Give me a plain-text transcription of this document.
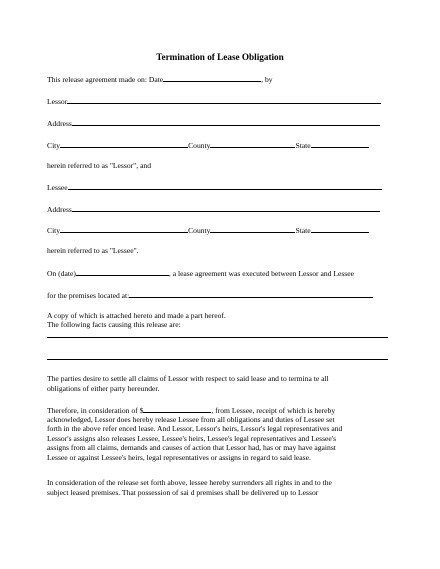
Termination of Lease Obligation
This release agreement made on: Date	, by
Lessor
Address
City	County	State
herein referred to as "Lessor", and
Lessee
Address
City	County	State
herein referred to as "Lessee".
On (date)	, a lease agreement was executed between Lessor and Lessee
for the premises located at:
A copy of which is attached hereto and made a part hereof.
The following facts causing this release are:
The parties desire to settle all claims of Lessor with respect to said lease and to termina te all
obligations of either party hereunder.
Therefore, in consideration of $	, from Lessee, receipt of which is hereby
acknowledged, Lessor does hereby release Lessee from all obligations and duties of Lessee set
forth in the above refer enced lease. And Lessor, Lessor's heirs, Lessor's legal representatives and
Lessor's assigns also releases Lessee, Lessee's heirs, Lessee's legal representatives and Lessee's
assigns from all claims, demands and causes of action that Lessor had, has or may have against
Lessee or against Lessee's heirs, legal representatives or assigns in regard to said lease.
In consideration of the release set forth above, lessee hereby surrenders all rights in and to the
subject leased premises. That possession of sai d premises shall be delivered up to Lessor
